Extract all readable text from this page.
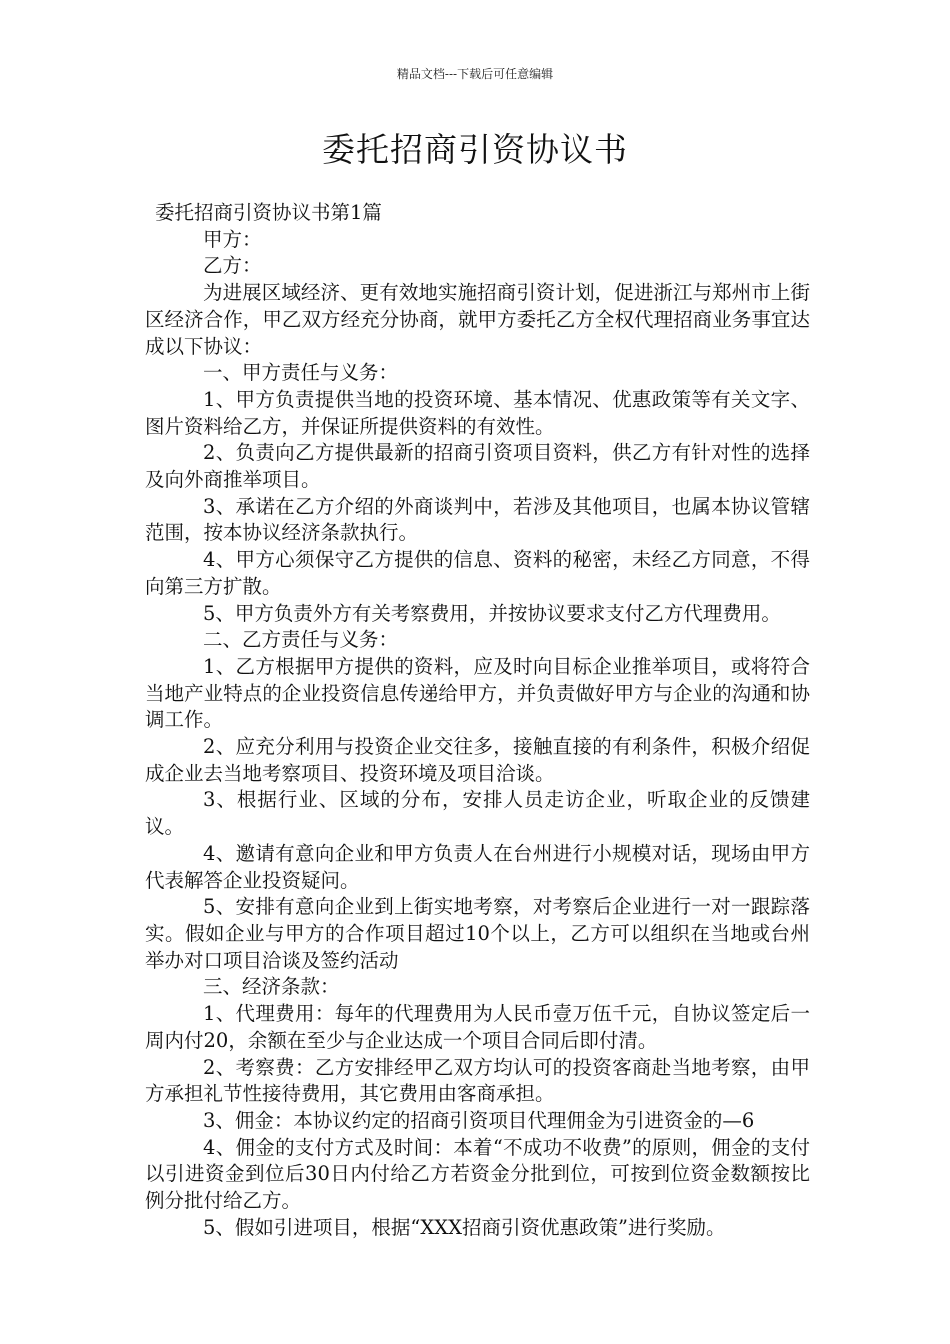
精品文档---下载后可任意编辑
委托招商引资协议书

委托招商引资协议书第1篇

甲方：

乙方：

为进展区域经济、更有效地实施招商引资计划，促进浙江与郑州市上街区经济合作，甲乙双方经充分协商，就甲方委托乙方全权代理招商业务事宜达成以下协议：

一、甲方责任与义务：

1、甲方负责提供当地的投资环境、基本情况、优惠政策等有关文字、图片资料给乙方，并保证所提供资料的有效性。

2、负责向乙方提供最新的招商引资项目资料，供乙方有针对性的选择及向外商推举项目。

3、承诺在乙方介绍的外商谈判中，若涉及其他项目，也属本协议管辖范围，按本协议经济条款执行。

4、甲方心须保守乙方提供的信息、资料的秘密，未经乙方同意，不得向第三方扩散。

5、甲方负责外方有关考察费用，并按协议要求支付乙方代理费用。

二、乙方责任与义务：

1、乙方根据甲方提供的资料，应及时向目标企业推举项目，或将符合当地产业特点的企业投资信息传递给甲方，并负责做好甲方与企业的沟通和协调工作。

2、应充分利用与投资企业交往多，接触直接的有利条件，积极介绍促成企业去当地考察项目、投资环境及项目洽谈。

3、根据行业、区域的分布，安排人员走访企业，听取企业的反馈建议。

4、邀请有意向企业和甲方负责人在台州进行小规模对话，现场由甲方代表解答企业投资疑问。

5、安排有意向企业到上街实地考察，对考察后企业进行一对一跟踪落实。假如企业与甲方的合作项目超过10个以上，乙方可以组织在当地或台州举办对口项目洽谈及签约活动

三、经济条款：

1、代理费用：每年的代理费用为人民币壹万伍千元，自协议签定后一周内付20，余额在至少与企业达成一个项目合同后即付清。

2、考察费：乙方安排经甲乙双方均认可的投资客商赴当地考察，由甲方承担礼节性接待费用，其它费用由客商承担。

3、佣金：本协议约定的招商引资项目代理佣金为引进资金的—6

4、佣金的支付方式及时间：本着“不成功不收费”的原则，佣金的支付以引进资金到位后30日内付给乙方若资金分批到位，可按到位资金数额按比例分批付给乙方。

5、假如引进项目，根据“XXX招商引资优惠政策”进行奖励。
